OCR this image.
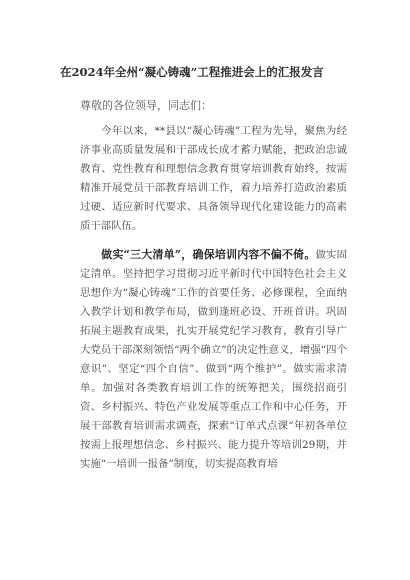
在2024年全州“凝心铸魂”工程推进会上的汇报发言
尊敬的各位领导，同志们：
今年以来，**县以“凝心铸魂”工程为先导，聚焦为经济事业高质量发展和干部成长成才蓄力赋能，把政治忠诚教育、党性教育和理想信念教育贯穿培训教育始终，按需精准开展党员干部教育培训工作，着力培养打造政治素质过硬、适应新时代要求、具备领导现代化建设能力的高素质干部队伍。
做实“三大清单”，确保培训内容不偏不倚。做实固定清单。坚持把学习贯彻习近平新时代中国特色社会主义思想作为“凝心铸魂”工作的首要任务、必修课程，全面纳入教学计划和教学布局，做到逢班必设、开班首讲。巩固拓展主题教育成果，扎实开展党纪学习教育，教育引导广大党员干部深刻领悟“两个确立”的决定性意义，增强“四个意识”、坚定“四个自信”、做到“两个维护”。做实需求清单。加强对各类教育培训工作的统筹把关，围绕招商引资、乡村振兴、特色产业发展等重点工作和中心任务，开展干部教育培训需求调查，探索“订单式点课”年初各单位按需上报理想信念、乡村振兴、能力提升等培训29期，并实施“一培训一报备”制度，切实提高教育培
